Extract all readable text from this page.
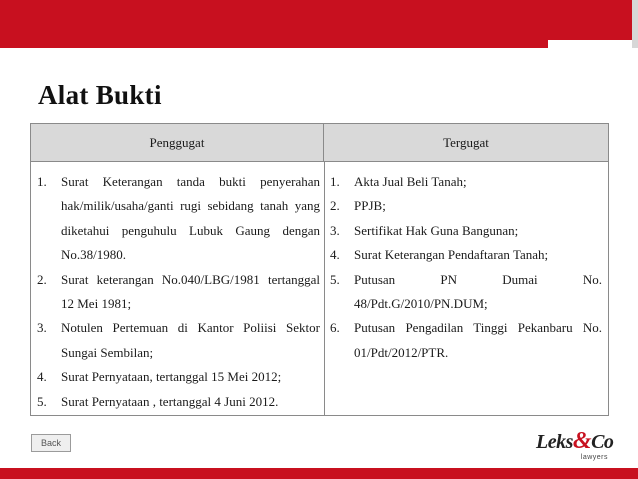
Alat Bukti
Penggugat	Tergugat
1. Surat Keterangan tanda bukti penyerahan hak/milik/usaha/ganti rugi sebidang tanah yang diketahui penguhulu Lubuk Gaung dengan No.38/1980.
2. Surat keterangan No.040/LBG/1981 tertanggal 12 Mei 1981;
3. Notulen Pertemuan di Kantor Poliisi Sektor Sungai Sembilan;
4. Surat Pernyataan, tertanggal 15 Mei 2012;
5. Surat Pernyataan , tertanggal 4 Juni 2012.
1. Akta Jual Beli Tanah;
2. PPJB;
3. Sertifikat Hak Guna Bangunan;
4. Surat Keterangan Pendaftaran Tanah;
5. Putusan PN Dumai No. 48/Pdt.G/2010/PN.DUM;
6. Putusan Pengadilan Tinggi Pekanbaru No. 01/Pdt/2012/PTR.
Back	Leks&Co
lawyers
